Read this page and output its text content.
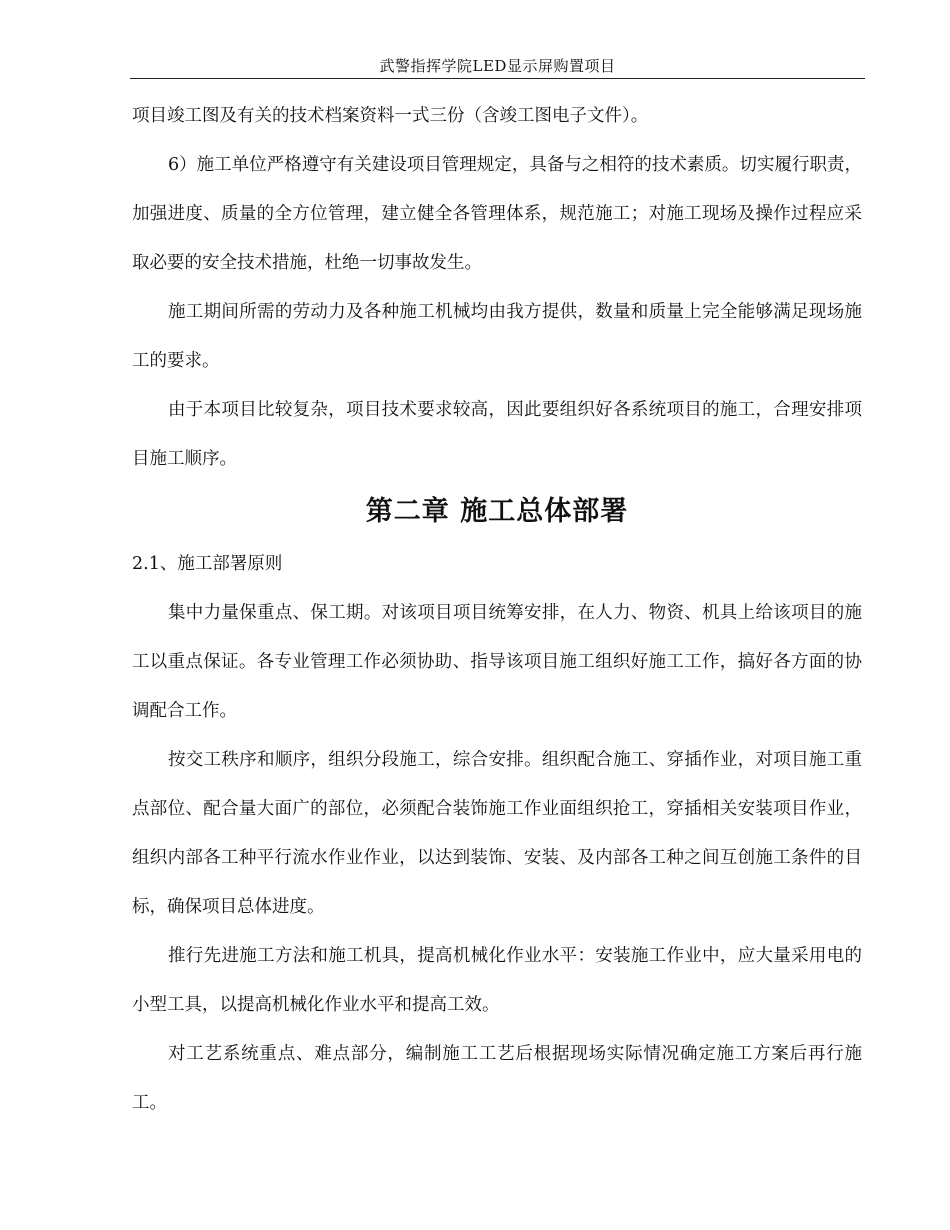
武警指挥学院LED显示屏购置项目

项目竣工图及有关的技术档案资料一式三份（含竣工图电子文件）。

6）施工单位严格遵守有关建设项目管理规定，具备与之相符的技术素质。切实履行职责，加强进度、质量的全方位管理，建立健全各管理体系，规范施工；对施工现场及操作过程应采取必要的安全技术措施，杜绝一切事故发生。

施工期间所需的劳动力及各种施工机械均由我方提供，数量和质量上完全能够满足现场施工的要求。

由于本项目比较复杂，项目技术要求较高，因此要组织好各系统项目的施工，合理安排项目施工顺序。

第二章 施工总体部署
2.1、施工部署原则

集中力量保重点、保工期。对该项目项目统筹安排，在人力、物资、机具上给该项目的施工以重点保证。各专业管理工作必须协助、指导该项目施工组织好施工工作，搞好各方面的协调配合工作。

按交工秩序和顺序，组织分段施工，综合安排。组织配合施工、穿插作业，对项目施工重点部位、配合量大面广的部位，必须配合装饰施工作业面组织抢工，穿插相关安装项目作业，组织内部各工种平行流水作业作业，以达到装饰、安装、及内部各工种之间互创施工条件的目标，确保项目总体进度。

推行先进施工方法和施工机具，提高机械化作业水平：安装施工作业中，应大量采用电的小型工具，以提高机械化作业水平和提高工效。

对工艺系统重点、难点部分，编制施工工艺后根据现场实际情况确定施工方案后再行施工。
